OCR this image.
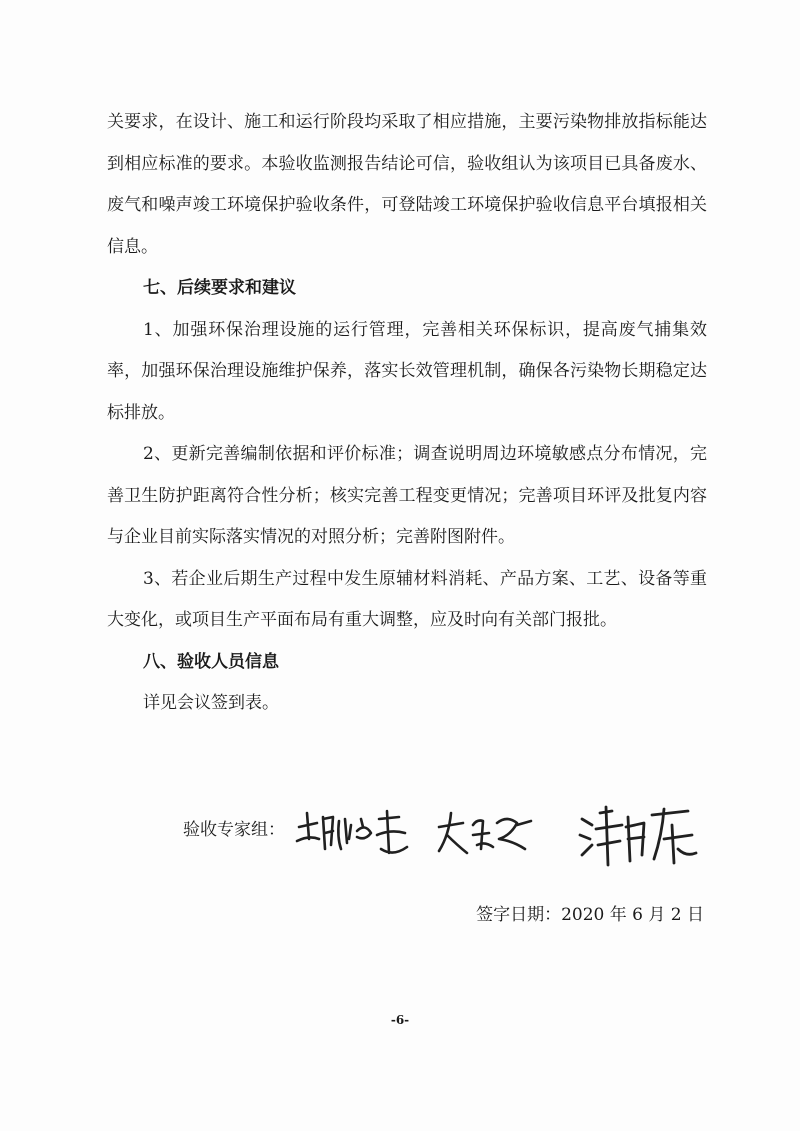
关要求，在设计、施工和运行阶段均采取了相应措施，主要污染物排放指标能达到相应标准的要求。本验收监测报告结论可信，验收组认为该项目已具备废水、废气和噪声竣工环境保护验收条件，可登陆竣工环境保护验收信息平台填报相关信息。

七、后续要求和建议

1、加强环保治理设施的运行管理，完善相关环保标识，提高废气捕集效率，加强环保治理设施维护保养，落实长效管理机制，确保各污染物长期稳定达标排放。

2、更新完善编制依据和评价标准；调查说明周边环境敏感点分布情况，完善卫生防护距离符合性分析；核实完善工程变更情况；完善项目环评及批复内容与企业目前实际落实情况的对照分析；完善附图附件。

3、若企业后期生产过程中发生原辅材料消耗、产品方案、工艺、设备等重大变化，或项目生产平面布局有重大调整，应及时向有关部门报批。

八、验收人员信息

详见会议签到表。

验收专家组：
签字日期：2020 年 6 月 2 日
-6-
